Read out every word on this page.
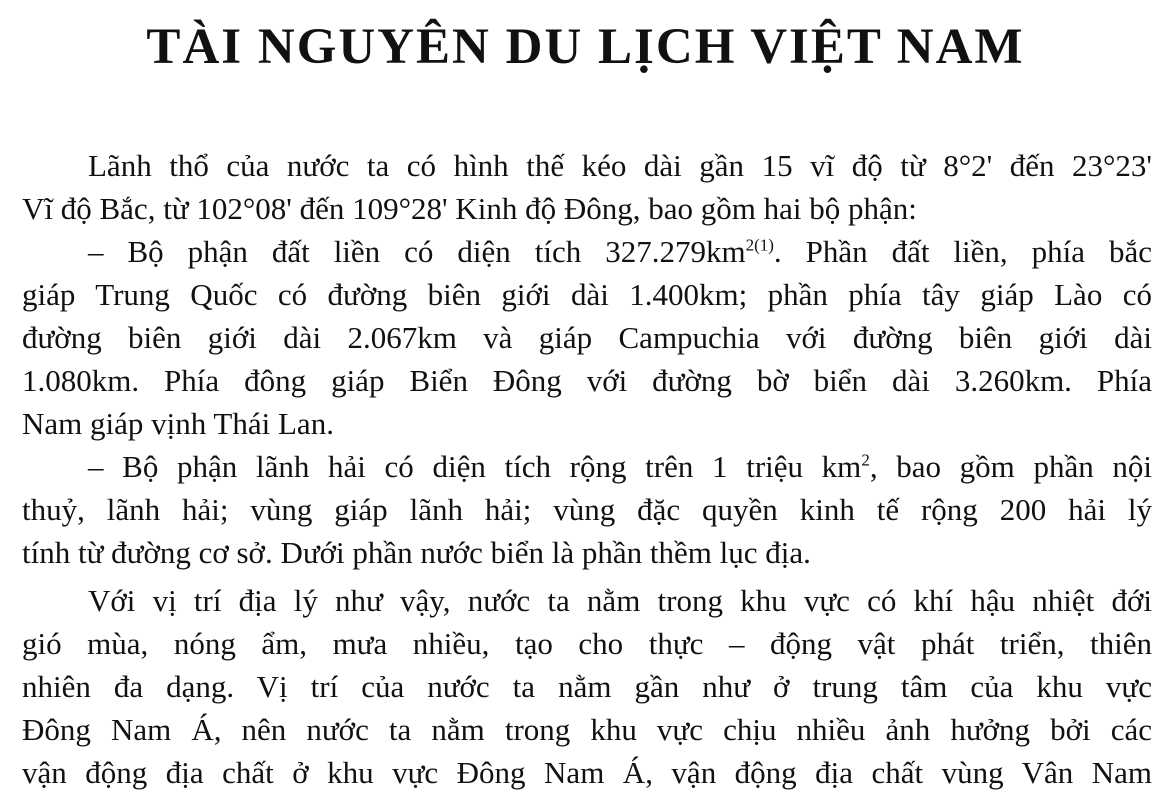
TÀI NGUYÊN DU LỊCH VIỆT NAM

Lãnh thổ của nước ta có hình thế kéo dài gần 15 vĩ độ từ 8°2' đến 23°23'

Vĩ độ Bắc, từ 102°08' đến 109°28' Kinh độ Đông, bao gồm hai bộ phận:

– Bộ phận đất liền có diện tích $327.279km^{2(1)}$. Phần đất liền, phía bắc

giáp Trung Quốc có đường biên giới dài 1.400km; phần phía tây giáp Lào có

đường biên giới dài 2.067km và giáp Campuchia với đường biên giới dài

1.080km. Phía đông giáp Biển Đông với đường bờ biển dài 3.260km. Phía

Nam giáp vịnh Thái Lan.

– Bộ phận lãnh hải có diện tích rộng trên 1 triệu $km^2$, bao gồm phần nội

thuỷ, lãnh hải; vùng giáp lãnh hải; vùng đặc quyền kinh tế rộng 200 hải lý

tính từ đường cơ sở. Dưới phần nước biển là phần thềm lục địa.

Với vị trí địa lý như vậy, nước ta nằm trong khu vực có khí hậu nhiệt đới

gió mùa, nóng ẩm, mưa nhiều, tạo cho thực – động vật phát triển, thiên

nhiên đa dạng. Vị trí của nước ta nằm gần như ở trung tâm của khu vực

Đông Nam Á, nên nước ta nằm trong khu vực chịu nhiều ảnh hưởng bởi các

vận động địa chất ở khu vực Đông Nam Á, vận động địa chất vùng Vân Nam
